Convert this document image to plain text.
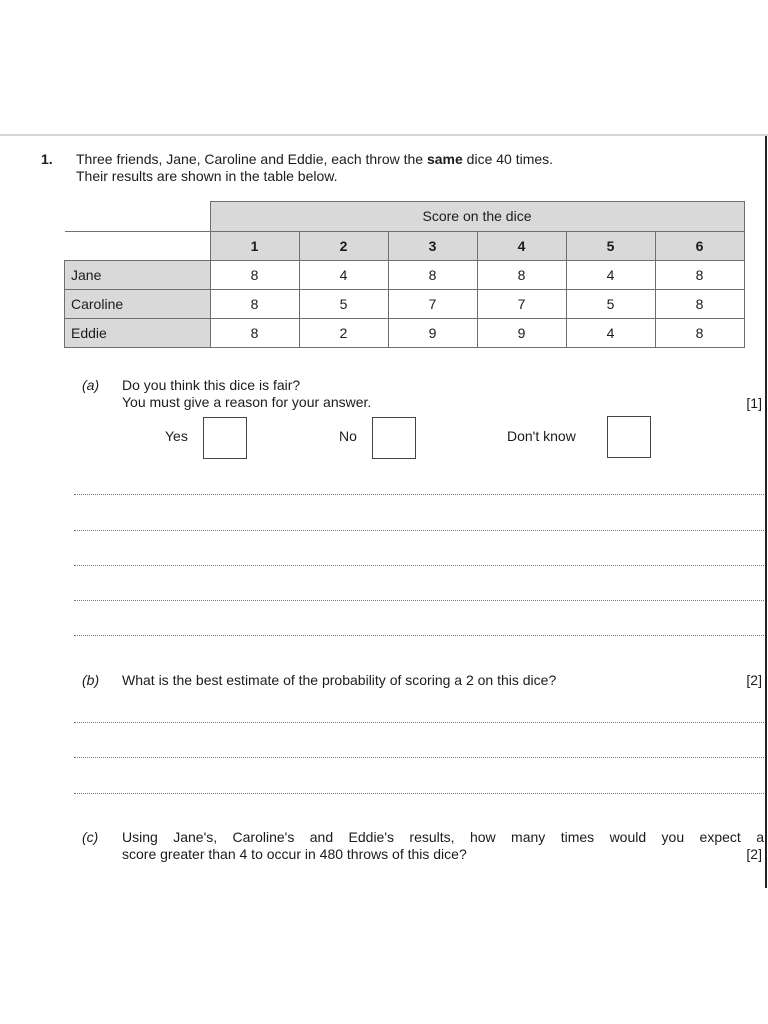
1. Three friends, Jane, Caroline and Eddie, each throw the same dice 40 times.
Their results are shown in the table below.
	Score on the dice					
	1	2	3	4	5	6
Jane	8	4	8	8	4	8
Caroline	8	5	7	7	5	8
Eddie	8	2	9	9	4	8
(a) Do you think this dice is fair?
You must give a reason for your answer.	[1]
Yes	No	Don't know
(b) What is the best estimate of the probability of scoring a 2 on this dice?	[2]
(c) Using Jane's, Caroline's and Eddie's results, how many times would you expect a
score greater than 4 to occur in 480 throws of this dice?	[2]
